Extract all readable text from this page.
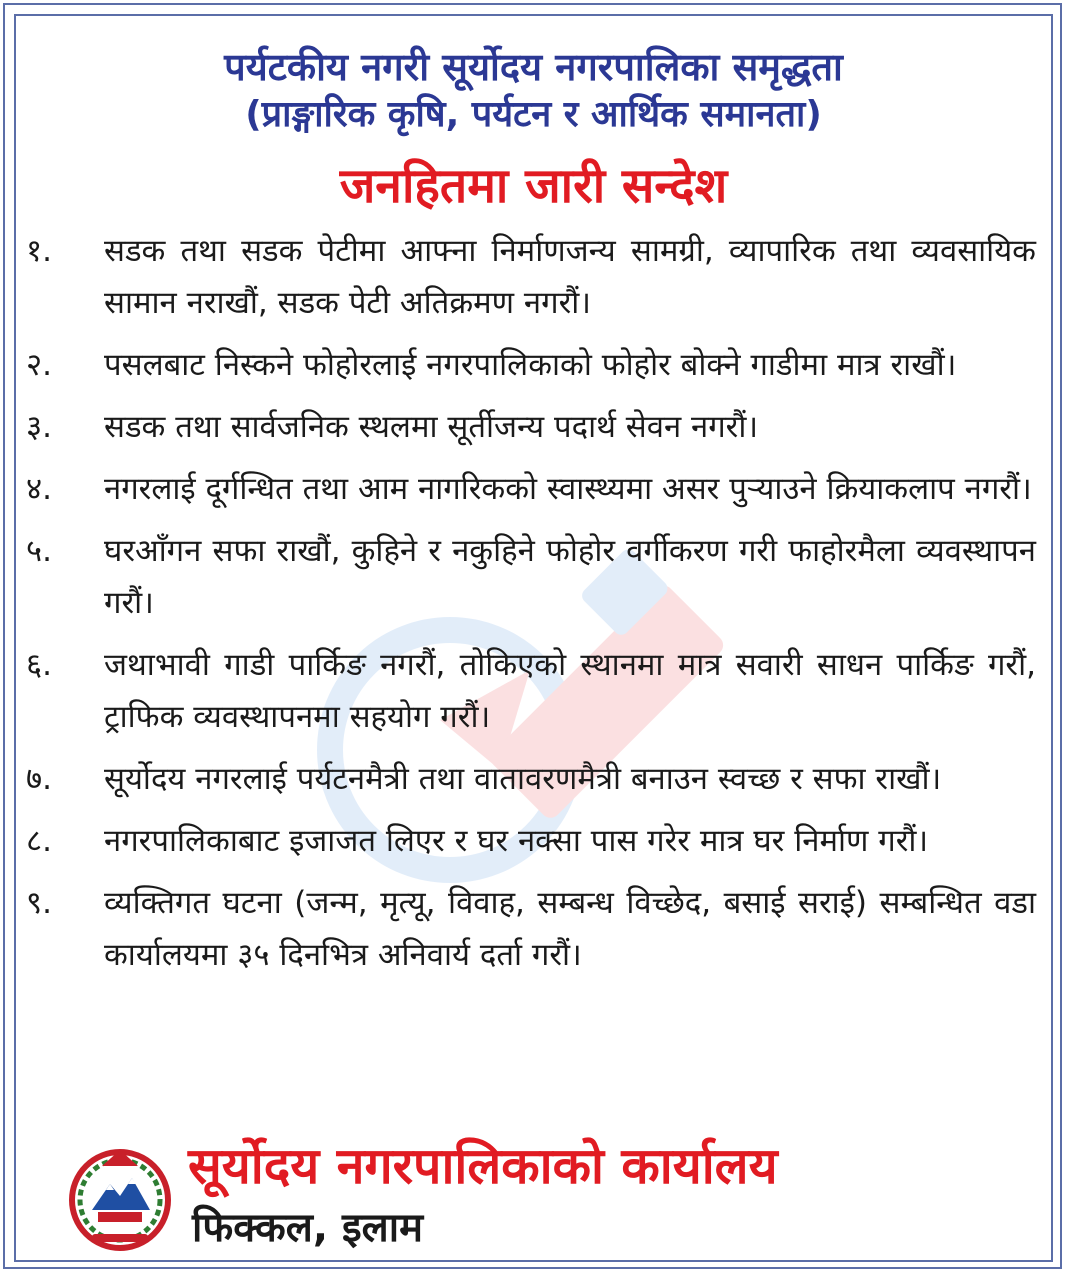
पर्यटकीय नगरी सूर्योदय नगरपालिका समृद्धता
(प्राङ्गारिक कृषि, पर्यटन र आर्थिक समानता)
जनहितमा जारी सन्देश
१.	सडक तथा सडक पेटीमा आफ्ना निर्माणजन्य सामग्री, व्यापारिक तथा व्यवसायिक सामान नराखौं, सडक पेटी अतिक्रमण नगरौं।
२.	पसलबाट निस्कने फोहोरलाई नगरपालिकाको फोहोर बोक्ने गाडीमा मात्र राखौं।
३.	सडक तथा सार्वजनिक स्थलमा सूर्तीजन्य पदार्थ सेवन नगरौं।
४.	नगरलाई दूर्गन्धित तथा आम नागरिकको स्वास्थ्यमा असर पुर्‍याउने क्रियाकलाप नगरौं।
५.	घरआँगन सफा राखौं, कुहिने र नकुहिने फोहोर वर्गीकरण गरी फाहोरमैला व्यवस्थापन गरौं।
६.	जथाभावी गाडी पार्किङ नगरौं, तोकिएको स्थानमा मात्र सवारी साधन पार्किङ गरौं, ट्राफिक व्यवस्थापनमा सहयोग गरौं।
७.	सूर्योदय नगरलाई पर्यटनमैत्री तथा वातावरणमैत्री बनाउन स्वच्छ र सफा राखौं।
८.	नगरपालिकाबाट इजाजत लिएर र घर नक्सा पास गरेर मात्र घर निर्माण गरौं।
९.	व्यक्तिगत घटना (जन्म, मृत्यू, विवाह, सम्बन्ध विच्छेद, बसाई सराई) सम्बन्धित वडा कार्यालयमा ३५ दिनभित्र अनिवार्य दर्ता गरौं।
सूर्योदय नगरपालिकाको कार्यालय
फिक्कल, इलाम
